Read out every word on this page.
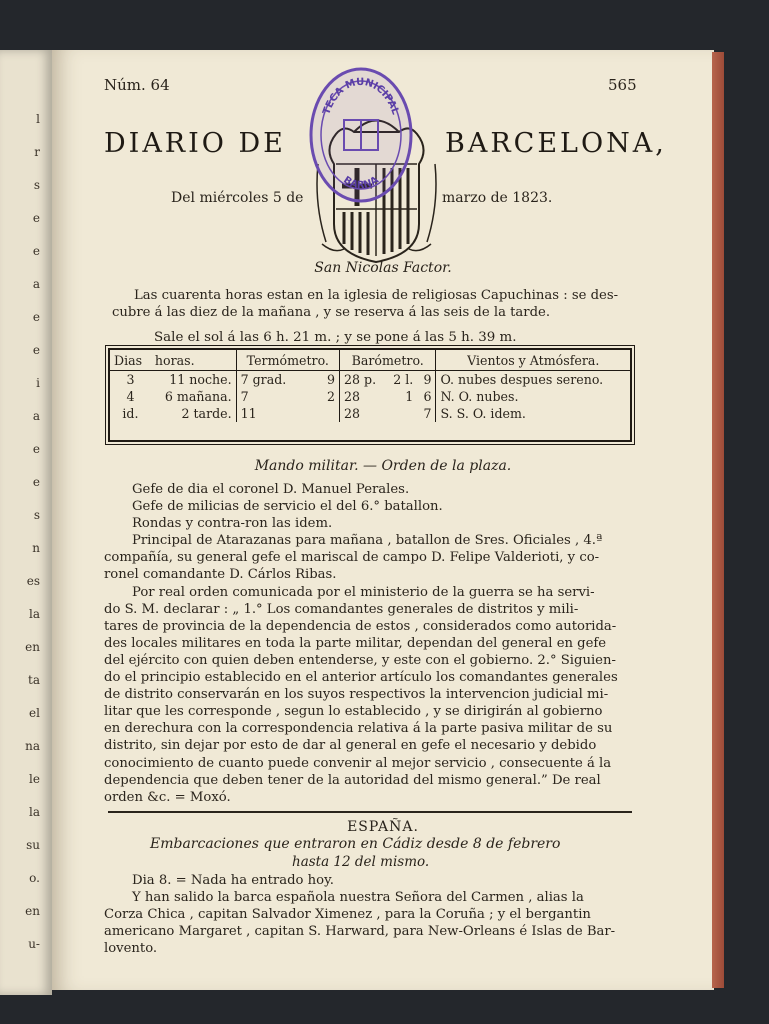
l
r
s
e
e
a
e
e
i
a
e
e
s
n
es
la
en
ta
el
na
le
la
su
o.
en
u-
Núm. 64	565
DIARIO DE	BARCELONA,
TECA MUNICIPAL
BARNA
Del miércoles 5 de	marzo de 1823.
San Nicolas Factor.
Las cuarenta horas estan en la iglesia de religiosas Capuchinas : se des-
cubre á las diez de la mañana , y se reserva á las seis de la tarde.
Sale el sol á las 6 h. 21 m. ; y se pone á las 5 h. 39 m.
Dias	horas.	Termómetro.		Barómetro.			Vientos y Atmósfera.
3	11 noche.	7 grad.	9	28 p.	2 l.	9	O. nubes despues sereno.
4	6 mañana.	7	2	28	1	6	N. O. nubes.
id.	2 tarde.	11		28		7	S. S. O. idem.
Mando militar. — Orden de la plaza.
Gefe de dia el coronel D. Manuel Perales.
Gefe de milicias de servicio el del 6.° batallon.
Rondas y contra-ron las idem.
Principal de Atarazanas para mañana , batallon de Sres. Oficiales , 4.ª
compañía, su general gefe el mariscal de campo D. Felipe Valderioti, y co-
ronel comandante D. Cárlos Ribas.
Por real orden comunicada por el ministerio de la guerra se ha servi-
do S. M. declarar : „ 1.° Los comandantes generales de distritos y mili-
tares de provincia de la dependencia de estos , considerados como autorida-
des locales militares en toda la parte militar, dependan del general en gefe
del ejército con quien deben entenderse, y este con el gobierno. 2.° Siguien-
do el principio establecido en el anterior artículo los comandantes generales
de distrito conservarán en los suyos respectivos la intervencion judicial mi-
litar que les corresponde , segun lo establecido , y se dirigirán al gobierno
en derechura con la correspondencia relativa á la parte pasiva militar de su
distrito, sin dejar por esto de dar al general en gefe el necesario y debido
conocimiento de cuanto puede convenir al mejor servicio , consecuente á la
dependencia que deben tener de la autoridad del mismo general.” De real
orden &c. = Moxó.
ESPAÑA.
Embarcaciones que entraron en Cádiz desde 8 de febrero
hasta 12 del mismo.
Dia 8. = Nada ha entrado hoy.
Y han salido la barca española nuestra Señora del Carmen , alias la
Corza Chica , capitan Salvador Ximenez , para la Coruña ; y el bergantin
americano Margaret , capitan S. Harward, para New-Orleans é Islas de Bar-
lovento.
